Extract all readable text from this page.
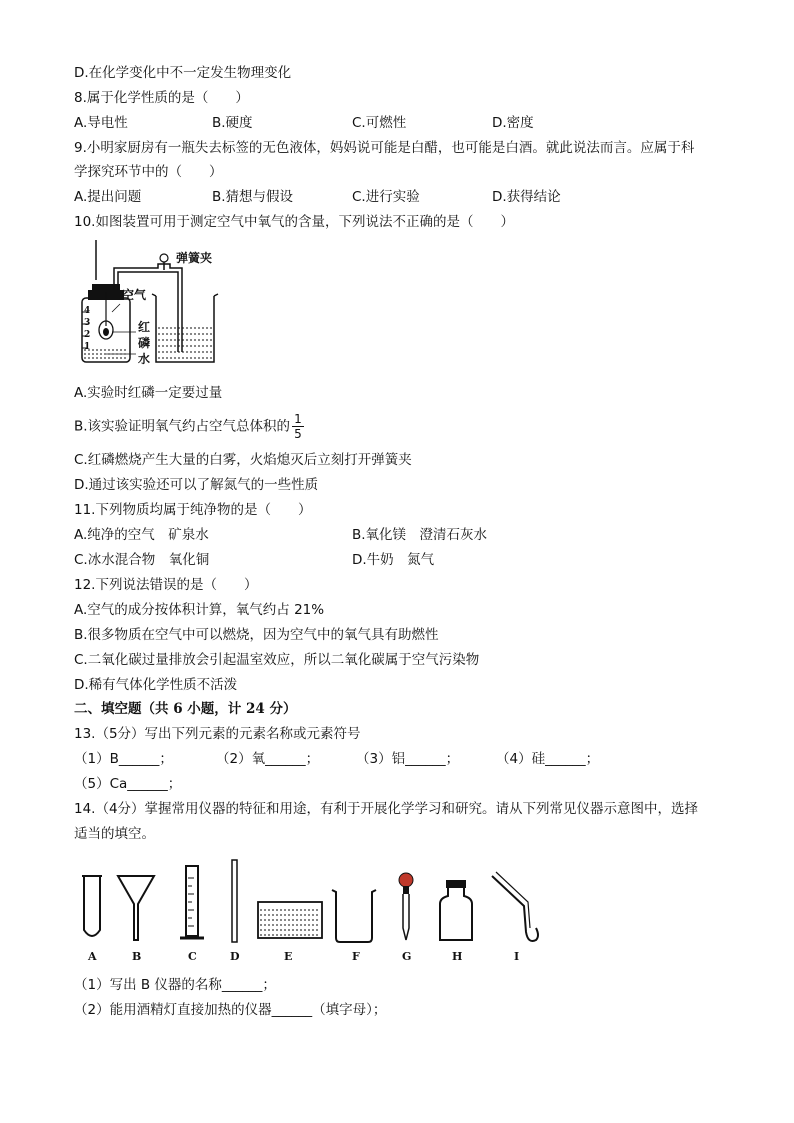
D.在化学变化中不一定发生物理变化
8.属于化学性质的是（　　）
A.导电性	B.硬度	C.可燃性	D.密度
9.小明家厨房有一瓶失去标签的无色液体，妈妈说可能是白醋，也可能是白酒。就此说法而言。应属于科
学探究环节中的（　　）
A.提出问题	B.猜想与假设	C.进行实验	D.获得结论
10.如图装置可用于测定空气中氧气的含量，下列说法不正确的是（　　）
弹簧夹
空气
红
磷
水
4
3
2
1
A.实验时红磷一定要过量
B.该实验证明氧气约占空气总体积的 $\frac{1}{5}$
C.红磷燃烧产生大量的白雾，火焰熄灭后立刻打开弹簧夹
D.通过该实验还可以了解氮气的一些性质
11.下列物质均属于纯净物的是（　　）
A.纯净的空气　矿泉水	B.氧化镁　澄清石灰水
C.冰水混合物　氧化铜	D.牛奶　氮气
12.下列说法错误的是（　　）
A.空气的成分按体积计算，氧气约占 21%
B.很多物质在空气中可以燃烧，因为空气中的氧气具有助燃性
C.二氧化碳过量排放会引起温室效应，所以二氧化碳属于空气污染物
D.稀有气体化学性质不活泼
二、填空题（共 6 小题，计 24 分）
13.（5分）写出下列元素的元素名称或元素符号
（1）B______；	（2）氧______；	（3）铝______；	（4）硅______；
（5）Ca______；
14.（4分）掌握常用仪器的特征和用途，有利于开展化学学习和研究。请从下列常见仪器示意图中，选择
适当的填空。
A	B	C	D	E	F	G	H	I
（1）写出 B 仪器的名称______；
（2）能用酒精灯直接加热的仪器______（填字母）；
